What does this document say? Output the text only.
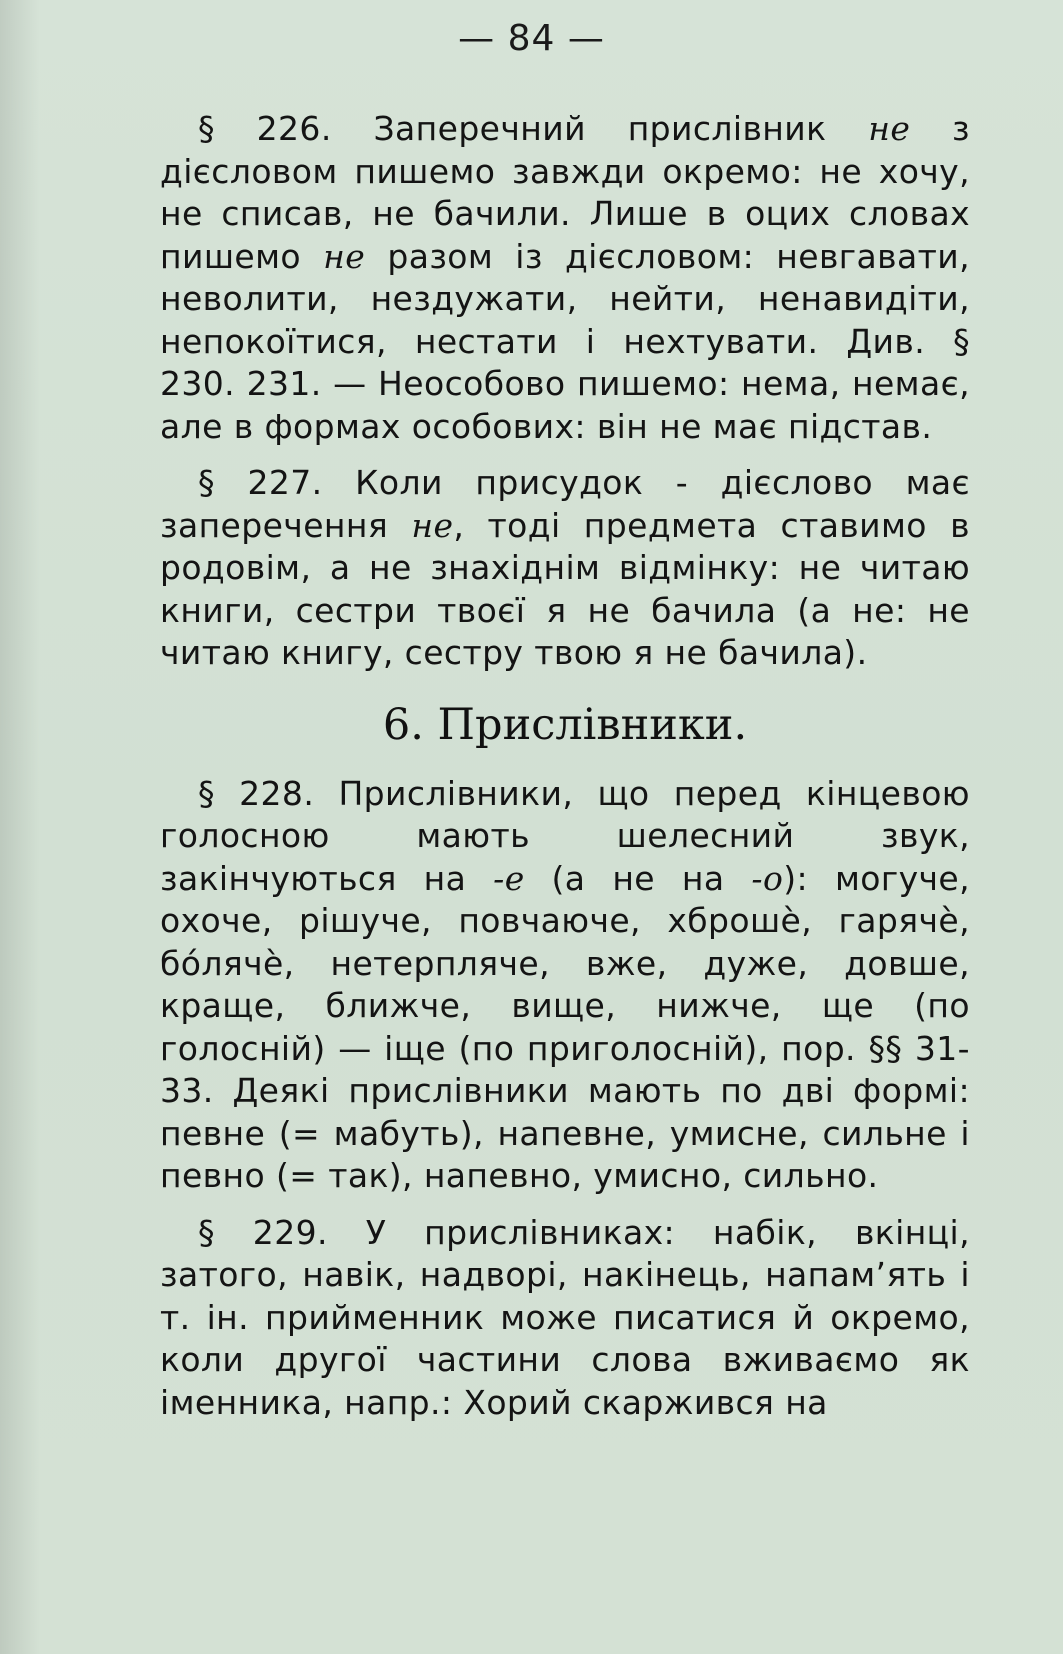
— 84 —

§ 226. Заперечний прислівник не з дієсловом пишемо завжди окремо: не хочу, не списав, не бачили. Лише в оцих словах пишемо не разом із дієсловом: невгавати, неволити, нездужати, нейти, ненавидіти, непокоїтися, нестати і нехтувати. Див. § 230. 231. — Неособово пишемо: нема, немає, але в формах особових: він не має підстав.

§ 227. Коли присудок - дієслово має заперечення не, тоді предмета ставимо в родовім, а не знахіднім відмінку: не читаю книги, сестри твоєї я не бачила (а не: не читаю книгу, сестру твою я не бачила).

6. Прислівники.

§ 228. Прислівники, що перед кінцевою голосною мають шелесний звук, закінчуються на -е (а не на -о): могуче, охоче, рішуче, повчаюче, хброшѐ, гарячѐ, бо́лячѐ, нетерпляче, вже, дуже, довше, краще, ближче, вище, нижче, ще (по голосній) — іще (по приголосній), пор. §§ 31-33. Деякі прислівники мають по дві формі: певне (= мабуть), напевне, умисне, сильне і певно (= так), напевно, умисно, сильно.

§ 229. У прислівниках: набік, вкінці, затого, навік, надворі, накінець, напам’ять і т. ін. прийменник може писатися й окремо, коли другої частини слова вживаємо як іменника, напр.: Хорий скаржився на
